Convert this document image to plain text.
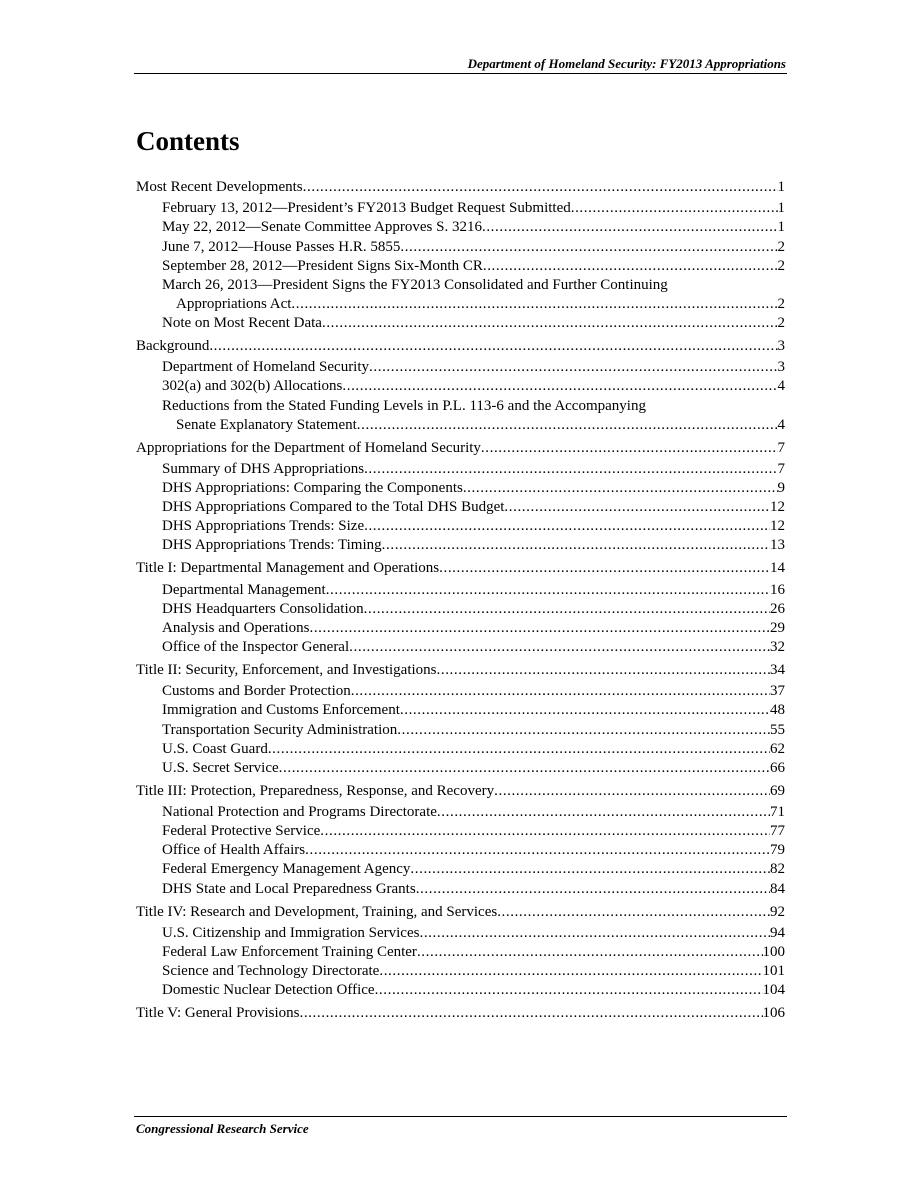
Department of Homeland Security: FY2013 Appropriations
Contents
Most Recent Developments .....	1
February 13, 2012—President’s FY2013 Budget Request Submitted .....	1
May 22, 2012—Senate Committee Approves S. 3216 .....	1
June 7, 2012—House Passes H.R. 5855 .....	2
September 28, 2012—President Signs Six-Month CR .....	2
March 26, 2013—President Signs the FY2013 Consolidated and Further Continuing
Appropriations Act .....	2
Note on Most Recent Data .....	2
Background .....	3
Department of Homeland Security .....	3
302(a) and 302(b) Allocations .....	4
Reductions from the Stated Funding Levels in P.L. 113-6 and the Accompanying
Senate Explanatory Statement .....	4
Appropriations for the Department of Homeland Security .....	7
Summary of DHS Appropriations .....	7
DHS Appropriations: Comparing the Components .....	9
DHS Appropriations Compared to the Total DHS Budget .....	12
DHS Appropriations Trends: Size .....	12
DHS Appropriations Trends: Timing .....	13
Title I: Departmental Management and Operations .....	14
Departmental Management .....	16
DHS Headquarters Consolidation .....	26
Analysis and Operations .....	29
Office of the Inspector General .....	32
Title II: Security, Enforcement, and Investigations .....	34
Customs and Border Protection .....	37
Immigration and Customs Enforcement .....	48
Transportation Security Administration .....	55
U.S. Coast Guard .....	62
U.S. Secret Service .....	66
Title III: Protection, Preparedness, Response, and Recovery .....	69
National Protection and Programs Directorate .....	71
Federal Protective Service .....	77
Office of Health Affairs .....	79
Federal Emergency Management Agency .....	82
DHS State and Local Preparedness Grants .....	84
Title IV: Research and Development, Training, and Services .....	92
U.S. Citizenship and Immigration Services .....	94
Federal Law Enforcement Training Center .....	100
Science and Technology Directorate .....	101
Domestic Nuclear Detection Office .....	104
Title V: General Provisions .....	106
Congressional Research Service
